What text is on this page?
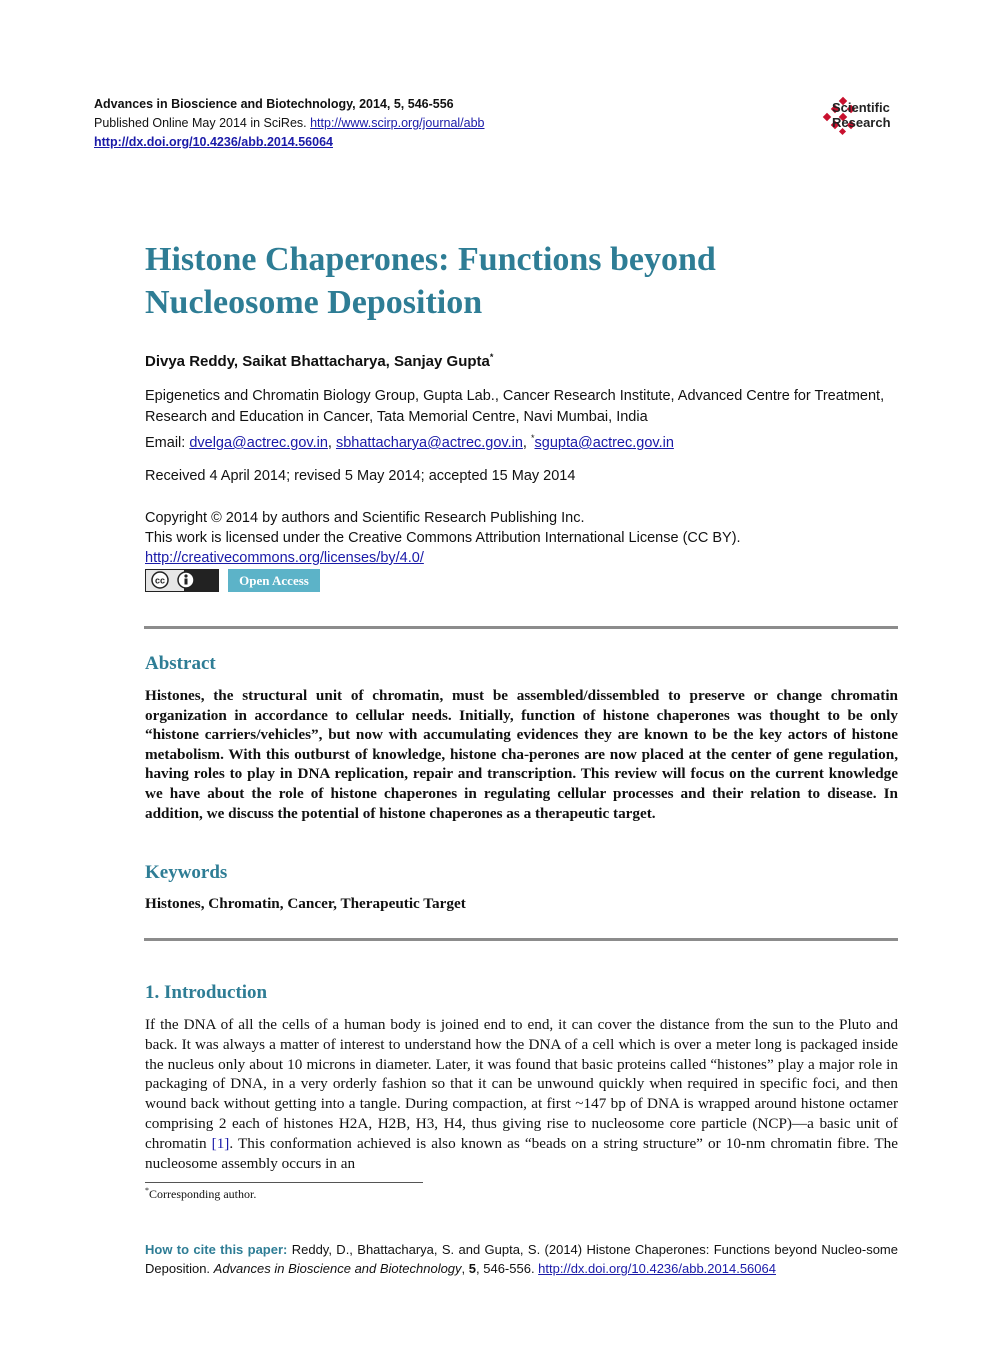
Advances in Bioscience and Biotechnology, 2014, 5, 546-556
Published Online May 2014 in SciRes. http://www.scirp.org/journal/abb
http://dx.doi.org/10.4236/abb.2014.56064
Scientific
Research
Histone Chaperones: Functions beyond
Nucleosome Deposition
Divya Reddy, Saikat Bhattacharya, Sanjay Gupta*
Epigenetics and Chromatin Biology Group, Gupta Lab., Cancer Research Institute, Advanced Centre for Treatment, Research and Education in Cancer, Tata Memorial Centre, Navi Mumbai, India
Email: dvelga@actrec.gov.in, sbhattacharya@actrec.gov.in, *sgupta@actrec.gov.in
Received 4 April 2014; revised 5 May 2014; accepted 15 May 2014
Copyright © 2014 by authors and Scientific Research Publishing Inc.
This work is licensed under the Creative Commons Attribution International License (CC BY).
http://creativecommons.org/licenses/by/4.0/
cc	Open Access
Abstract
Histones, the structural unit of chromatin, must be assembled/dissembled to preserve or change chromatin organization in accordance to cellular needs. Initially, function of histone chaperones was thought to be only “histone carriers/vehicles”, but now with accumulating evidences they are known to be the key actors of histone metabolism. With this outburst of knowledge, histone cha-perones are now placed at the center of gene regulation, having roles to play in DNA replication, repair and transcription. This review will focus on the current knowledge we have about the role of histone chaperones in regulating cellular processes and their relation to disease. In addition, we discuss the potential of histone chaperones as a therapeutic target.
Keywords
Histones, Chromatin, Cancer, Therapeutic Target
1. Introduction
If the DNA of all the cells of a human body is joined end to end, it can cover the distance from the sun to the Pluto and back. It was always a matter of interest to understand how the DNA of a cell which is over a meter long is packaged inside the nucleus only about 10 microns in diameter. Later, it was found that basic proteins called “histones” play a major role in packaging of DNA, in a very orderly fashion so that it can be unwound quickly when required in specific foci, and then wound back without getting into a tangle. During compaction, at first ~147 bp of DNA is wrapped around histone octamer comprising 2 each of histones H2A, H2B, H3, H4, thus giving rise to nucleosome core particle (NCP)—a basic unit of chromatin [1]. This conformation achieved is also known as “beads on a string structure” or 10-nm chromatin fibre. The nucleosome assembly occurs in an
*Corresponding author.
How to cite this paper: Reddy, D., Bhattacharya, S. and Gupta, S. (2014) Histone Chaperones: Functions beyond Nucleo-some Deposition. Advances in Bioscience and Biotechnology, 5, 546-556. http://dx.doi.org/10.4236/abb.2014.56064
